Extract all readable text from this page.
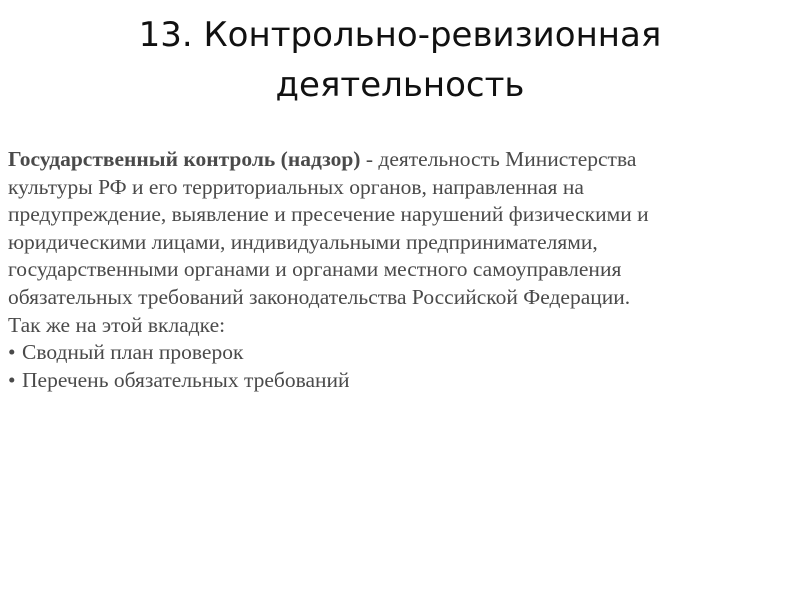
13. Контрольно-ревизионная
деятельность
Государственный контроль (надзор) - деятельность Министерства
культуры РФ и его территориальных органов, направленная на
предупреждение, выявление и пресечение нарушений физическими и
юридическими лицами, индивидуальными предпринимателями,
государственными органами и органами местного самоуправления
обязательных требований законодательства Российской Федерации.
Так же на этой вкладке:
• Сводный план проверок
• Перечень обязательных требований
